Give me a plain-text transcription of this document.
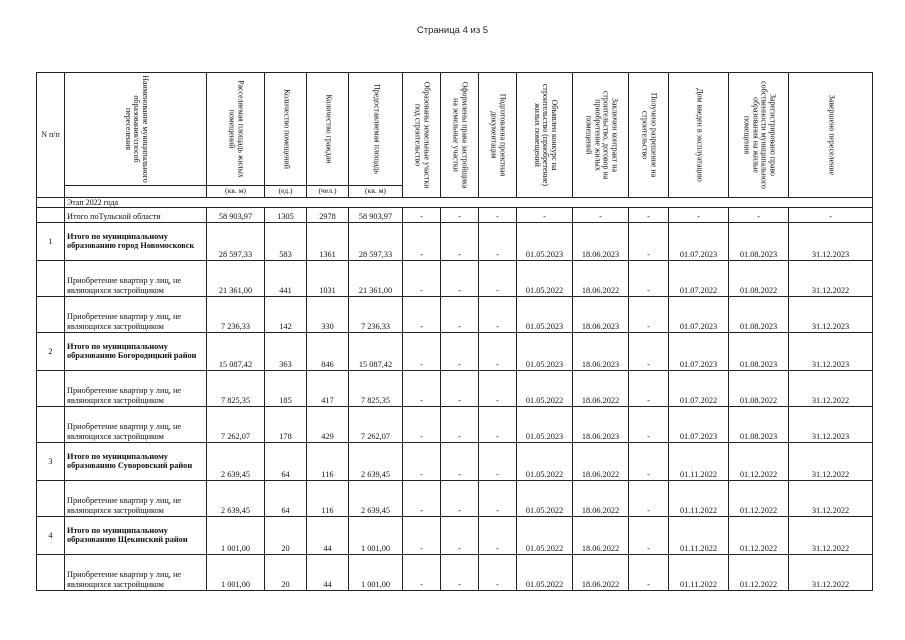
Страница 4 из 5
N п/п	Наименование муниципального образования/способ переселения	Расселяемая площадь жилых помещений	Количество помещений	Количество граждан	Предоставляемая площадь	Образованы земельные участки под строительство	Оформлены права застройщика на земельные участки	Подготовлена проектная документация	Объявлен конкурс на строительство (приобретение) жилых помещений	Заключен контракт на строительство, договор на приобретение жилых помещений	Получено разрешение на строительство	Дом введен в эксплуатацию	Зарегистрировано право собственности муниципального образования на жилые помещения	Завершено переселение

		(кв. м)	(ед.)	(чел.)	(кв. м)									
	Этап 2022 года													
	Итого поТульской области	58 903,97	1305	2978	58 903,97	-	-	-	-	-	-	-	-	-
1	Итого по муниципальному образованию город Новомосковск	28 597,33	583	1361	28 597,33	-	-	-	01.05.2023	18.06.2023	-	01.07.2023	01.08.2023	31.12.2023
	Приобретение квартир у лиц, не являющихся застройщиком	21 361,00	441	1031	21 361,00	-	-	-	01.05.2022	18.06.2022	-	01.07.2022	01.08.2022	31.12.2022
	Приобретение квартир у лиц, не являющихся застройщиком	7 236,33	142	330	7 236,33	-	-	-	01.05.2023	18.06.2023	-	01.07.2023	01.08.2023	31.12.2023
2	Итого по муниципальному образованию Богородицкий район	15 087,42	363	846	15 087,42	-	-	-	01.05.2023	18.06.2023	-	01.07.2023	01.08.2023	31.12.2023
	Приобретение квартир у лиц, не являющихся застройщиком	7 825,35	185	417	7 825,35	-	-	-	01.05.2022	18.06.2022	-	01.07.2022	01.08.2022	31.12.2022
	Приобретение квартир у лиц, не являющихся застройщиком	7 262,07	178	429	7 262,07	-	-	-	01.05.2023	18.06.2023	-	01.07.2023	01.08.2023	31.12.2023
3	Итого по муниципальному образованию Суворовский район	2 639,45	64	116	2 639,45	-	-	-	01.05.2022	18.06.2022	-	01.11.2022	01.12.2022	31.12.2022
	Приобретение квартир у лиц, не являющихся застройщиком	2 639,45	64	116	2 639,45	-	-	-	01.05.2022	18.06.2022	-	01.11.2022	01.12.2022	31.12.2022
4	Итого по муниципальному образованию Щекинский район	1 001,00	20	44	1 001,00	-	-	-	01.05.2022	18.06.2022	-	01.11.2022	01.12.2022	31.12.2022
	Приобретение квартир у лиц, не являющихся застройщиком	1 001,00	20	44	1 001,00	-	-	-	01.05.2022	18.06.2022	-	01.11.2022	01.12.2022	31.12.2022
